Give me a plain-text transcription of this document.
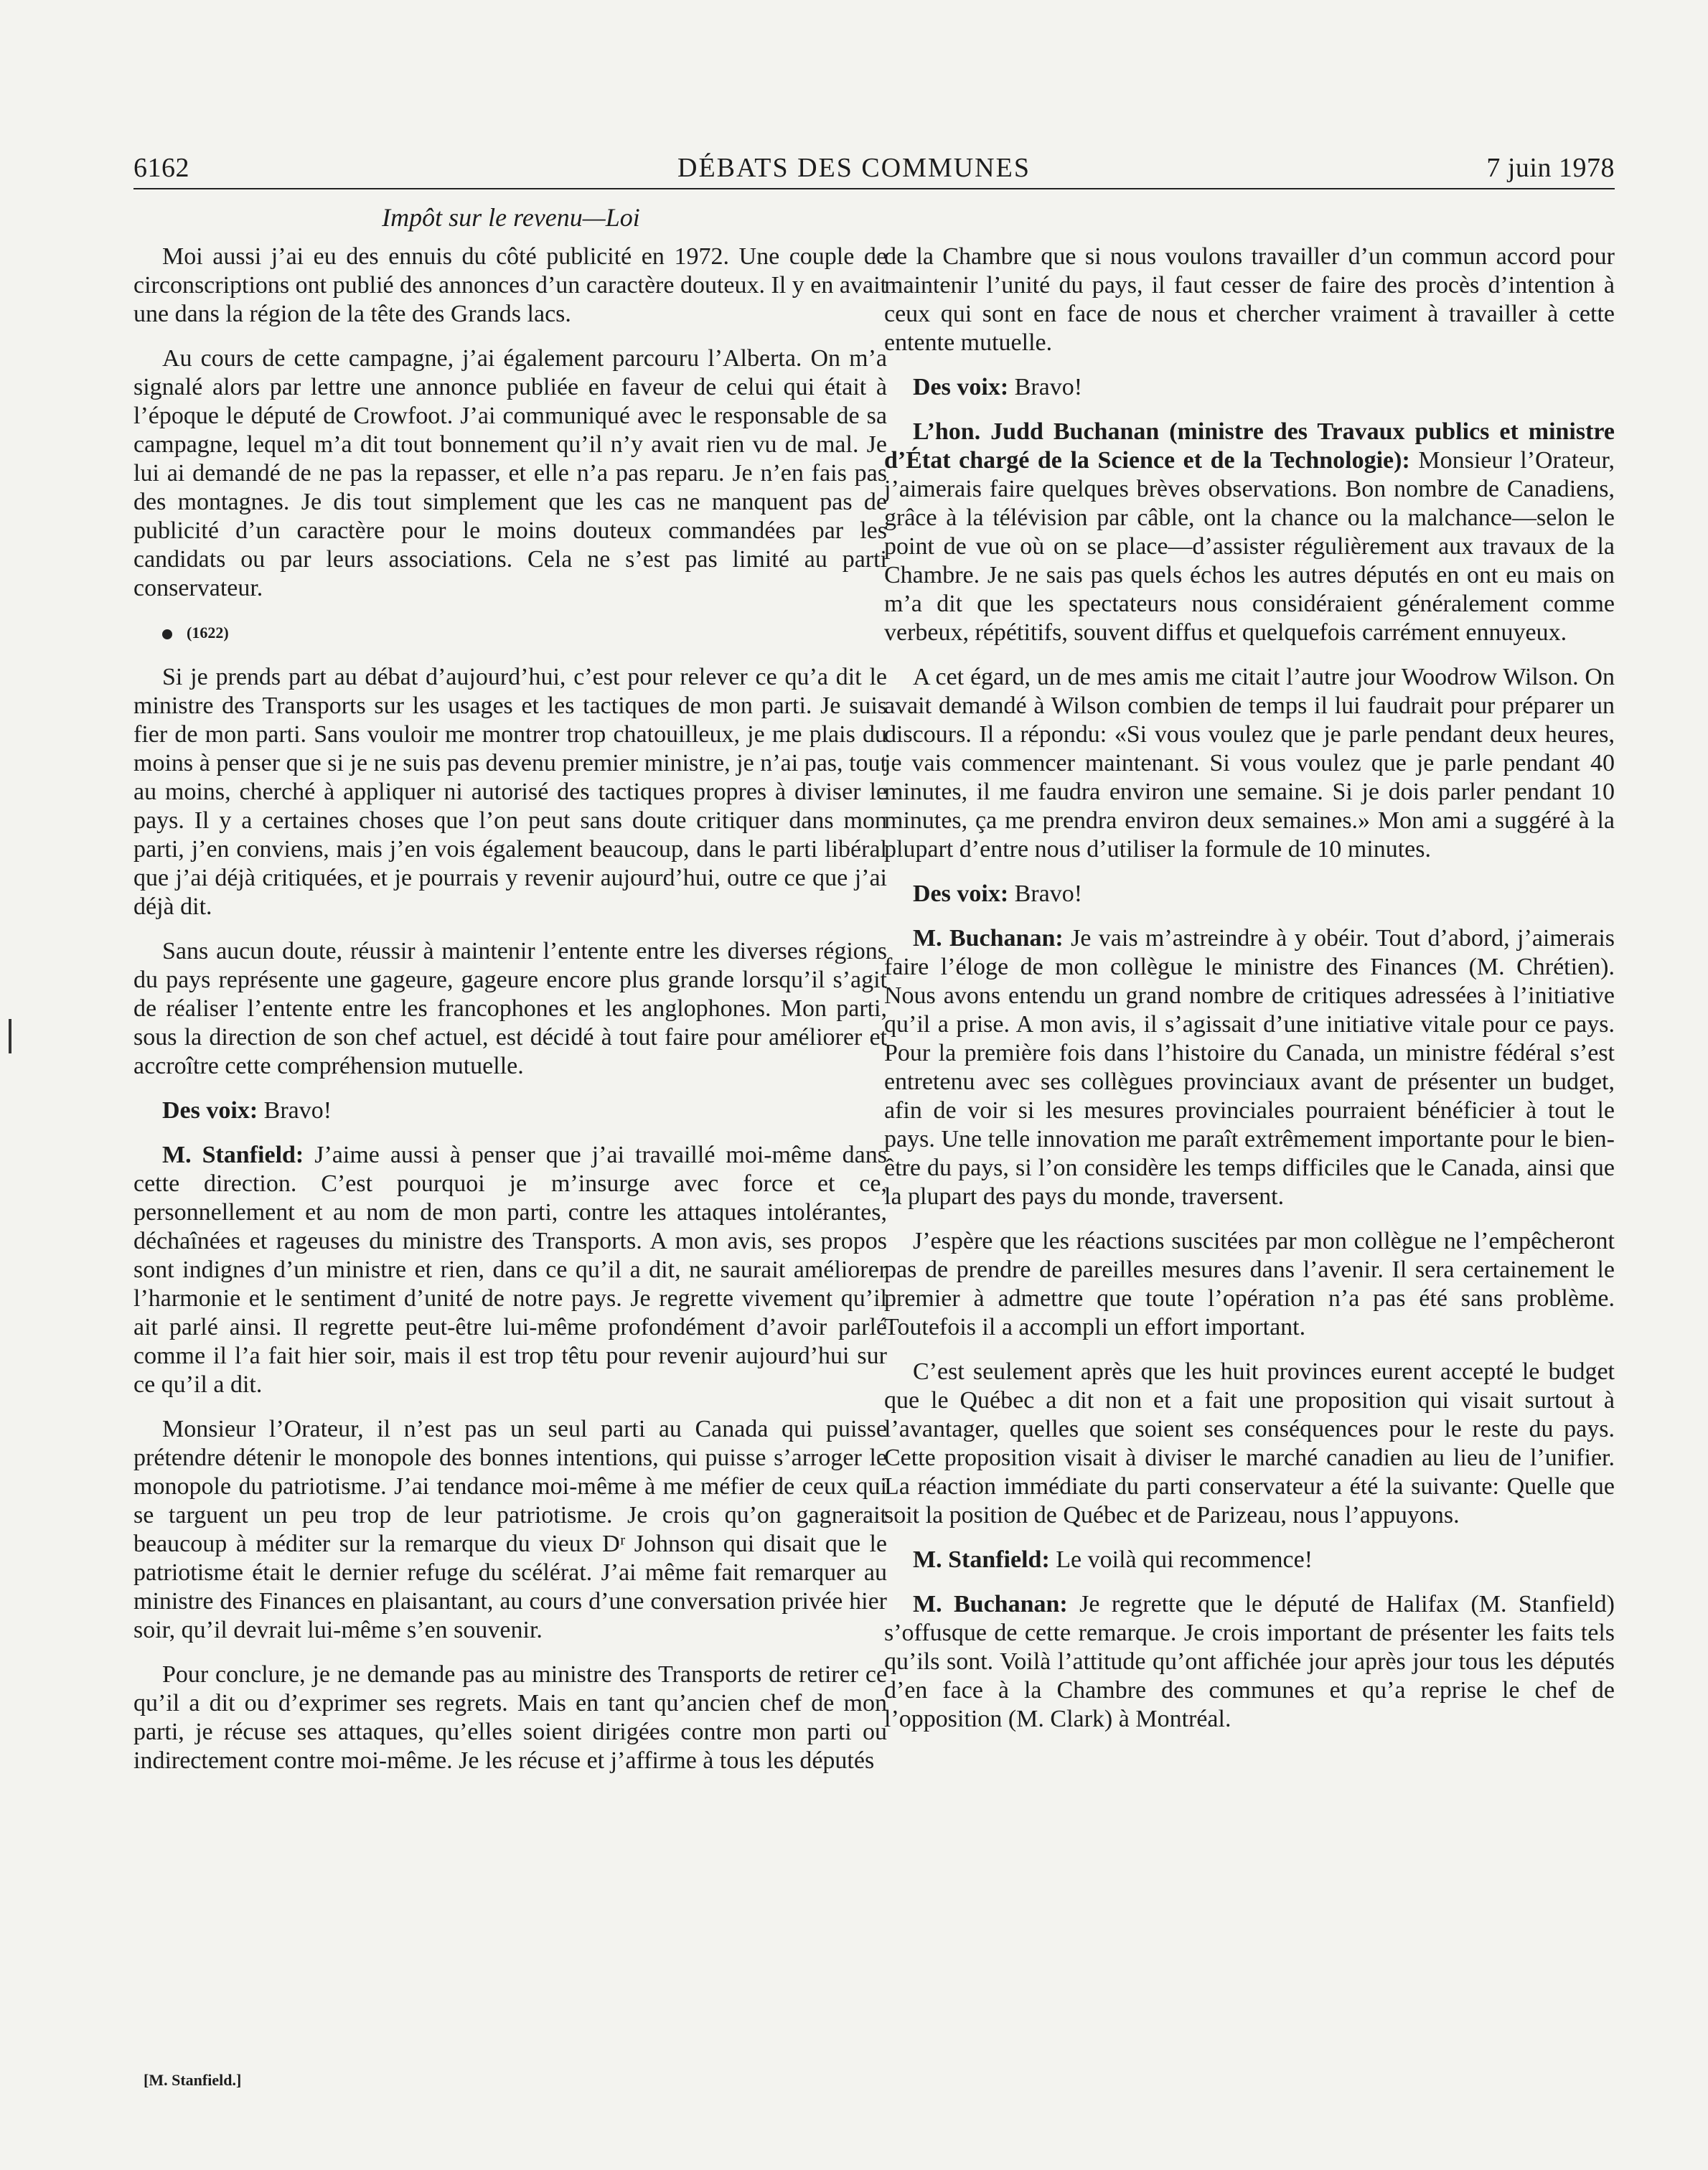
6162	DÉBATS DES COMMUNES	7 juin 1978
Impôt sur le revenu—Loi

Moi aussi j’ai eu des ennuis du côté publicité en 1972. Une couple de circonscriptions ont publié des annonces d’un caractère douteux. Il y en avait une dans la région de la tête des Grands lacs.

Au cours de cette campagne, j’ai également parcouru l’Alberta. On m’a signalé alors par lettre une annonce publiée en faveur de celui qui était à l’époque le député de Crowfoot. J’ai communiqué avec le responsable de sa campagne, lequel m’a dit tout bonnement qu’il n’y avait rien vu de mal. Je lui ai demandé de ne pas la repasser, et elle n’a pas reparu. Je n’en fais pas des montagnes. Je dis tout simplement que les cas ne manquent pas de publicité d’un caractère pour le moins douteux commandées par les candidats ou par leurs associations. Cela ne s’est pas limité au parti conservateur.

(1622)

Si je prends part au débat d’aujourd’hui, c’est pour relever ce qu’a dit le ministre des Transports sur les usages et les tactiques de mon parti. Je suis fier de mon parti. Sans vouloir me montrer trop chatouilleux, je me plais du moins à penser que si je ne suis pas devenu premier ministre, je n’ai pas, tout au moins, cherché à appliquer ni autorisé des tactiques propres à diviser le pays. Il y a certaines choses que l’on peut sans doute critiquer dans mon parti, j’en conviens, mais j’en vois également beaucoup, dans le parti libéral que j’ai déjà critiquées, et je pourrais y revenir aujourd’hui, outre ce que j’ai déjà dit.

Sans aucun doute, réussir à maintenir l’entente entre les diverses régions du pays représente une gageure, gageure encore plus grande lorsqu’il s’agit de réaliser l’entente entre les francophones et les anglophones. Mon parti, sous la direction de son chef actuel, est décidé à tout faire pour améliorer et accroître cette compréhension mutuelle.

Des voix: Bravo!

M. Stanfield: J’aime aussi à penser que j’ai travaillé moi-même dans cette direction. C’est pourquoi je m’insurge avec force et ce, personnellement et au nom de mon parti, contre les attaques intolérantes, déchaînées et rageuses du ministre des Transports. A mon avis, ses propos sont indignes d’un ministre et rien, dans ce qu’il a dit, ne saurait améliorer l’harmonie et le sentiment d’unité de notre pays. Je regrette vivement qu’il ait parlé ainsi. Il regrette peut-être lui-même profondément d’avoir parlé comme il l’a fait hier soir, mais il est trop têtu pour revenir aujourd’hui sur ce qu’il a dit.

Monsieur l’Orateur, il n’est pas un seul parti au Canada qui puisse prétendre détenir le monopole des bonnes intentions, qui puisse s’arroger le monopole du patriotisme. J’ai tendance moi-même à me méfier de ceux qui se targuent un peu trop de leur patriotisme. Je crois qu’on gagnerait beaucoup à méditer sur la remarque du vieux Dʳ Johnson qui disait que le patriotisme était le dernier refuge du scélérat. J’ai même fait remarquer au ministre des Finances en plaisantant, au cours d’une conversation privée hier soir, qu’il devrait lui-même s’en souvenir.

Pour conclure, je ne demande pas au ministre des Transports de retirer ce qu’il a dit ou d’exprimer ses regrets. Mais en tant qu’ancien chef de mon parti, je récuse ses attaques, qu’elles soient dirigées contre mon parti ou indirectement contre moi-même. Je les récuse et j’affirme à tous les députés

de la Chambre que si nous voulons travailler d’un commun accord pour maintenir l’unité du pays, il faut cesser de faire des procès d’intention à ceux qui sont en face de nous et chercher vraiment à travailler à cette entente mutuelle.

Des voix: Bravo!

L’hon. Judd Buchanan (ministre des Travaux publics et ministre d’État chargé de la Science et de la Technologie): Monsieur l’Orateur, j’aimerais faire quelques brèves observations. Bon nombre de Canadiens, grâce à la télévision par câble, ont la chance ou la malchance—selon le point de vue où on se place—d’assister régulièrement aux travaux de la Chambre. Je ne sais pas quels échos les autres députés en ont eu mais on m’a dit que les spectateurs nous considéraient généralement comme verbeux, répétitifs, souvent diffus et quelquefois carrément ennuyeux.

A cet égard, un de mes amis me citait l’autre jour Woodrow Wilson. On avait demandé à Wilson combien de temps il lui faudrait pour préparer un discours. Il a répondu: «Si vous voulez que je parle pendant deux heures, je vais commencer maintenant. Si vous voulez que je parle pendant 40 minutes, il me faudra environ une semaine. Si je dois parler pendant 10 minutes, ça me prendra environ deux semaines.» Mon ami a suggéré à la plupart d’entre nous d’utiliser la formule de 10 minutes.

Des voix: Bravo!

M. Buchanan: Je vais m’astreindre à y obéir. Tout d’abord, j’aimerais faire l’éloge de mon collègue le ministre des Finances (M. Chrétien). Nous avons entendu un grand nombre de critiques adressées à l’initiative qu’il a prise. A mon avis, il s’agissait d’une initiative vitale pour ce pays. Pour la première fois dans l’histoire du Canada, un ministre fédéral s’est entretenu avec ses collègues provinciaux avant de présenter un budget, afin de voir si les mesures provinciales pourraient bénéficier à tout le pays. Une telle innovation me paraît extrêmement importante pour le bien-être du pays, si l’on considère les temps difficiles que le Canada, ainsi que la plupart des pays du monde, traversent.

J’espère que les réactions suscitées par mon collègue ne l’empêcheront pas de prendre de pareilles mesures dans l’avenir. Il sera certainement le premier à admettre que toute l’opération n’a pas été sans problème. Toutefois il a accompli un effort important.

C’est seulement après que les huit provinces eurent accepté le budget que le Québec a dit non et a fait une proposition qui visait surtout à l’avantager, quelles que soient ses conséquences pour le reste du pays. Cette proposition visait à diviser le marché canadien au lieu de l’unifier. La réaction immédiate du parti conservateur a été la suivante: Quelle que soit la position de Québec et de Parizeau, nous l’appuyons.

M. Stanfield: Le voilà qui recommence!

M. Buchanan: Je regrette que le député de Halifax (M. Stanfield) s’offusque de cette remarque. Je crois important de présenter les faits tels qu’ils sont. Voilà l’attitude qu’ont affichée jour après jour tous les députés d’en face à la Chambre des communes et qu’a reprise le chef de l’opposition (M. Clark) à Montréal.

[M. Stanfield.]
